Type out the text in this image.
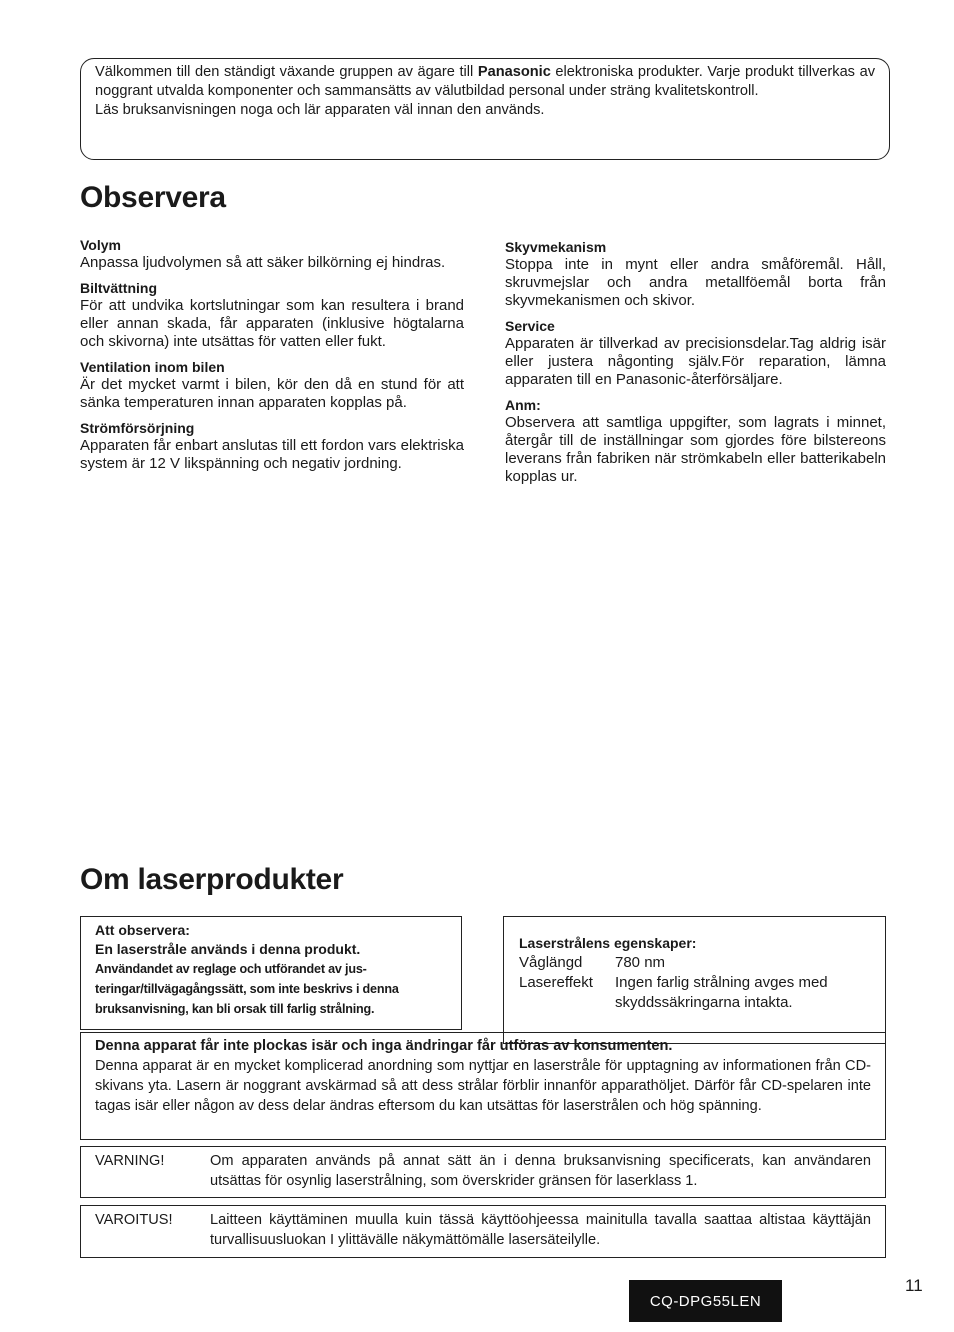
Välkommen till den ständigt växande gruppen av ägare till Panasonic elektroniska produkter. Varje produkt tillverkas av noggrant utvalda komponenter och sammansätts av välutbildad personal under sträng kvalitetskontroll.

Läs bruksanvisningen noga och lär apparaten väl innan den används.

Observera
Volym

Anpassa ljudvolymen så att säker bilkörning ej hindras.

Biltvättning

För att undvika kortslutningar som kan resultera i brand eller annan skada, får apparaten (inklusive högtalarna och skivorna) inte utsättas för vatten eller fukt.

Ventilation inom bilen

Är det mycket varmt i bilen, kör den då en stund för att sänka temperaturen innan apparaten kopplas på.

Strömförsörjning

Apparaten får enbart anslutas till ett fordon vars elektriska system är 12 V likspänning och negativ jordning.

Skyvmekanism

Stoppa inte in mynt eller andra småföremål. Håll, skruvmejslar och andra metallföemål borta från skyvmekanismen och skivor.

Service

Apparaten är tillverkad av precisionsdelar.Tag aldrig isär eller justera någonting själv.För reparation, lämna apparaten till en Panasonic-återförsäljare.

Anm:

Observera att samtliga uppgifter, som lagrats i minnet, återgår till de inställningar som gjordes före bilstereons leverans från fabriken när strömkabeln eller batterikabeln kopplas ur.

Om laserprodukter
Att observera:
En laserstråle används i denna produkt.
Användandet av reglage och utförandet av jus-
teringar/tillvägagångssätt, som inte beskrivs i denna
bruksanvisning, kan bli orsak till farlig strålning.
Laserstrålens egenskaper:
Våglängd	780 nm
Lasereffekt	Ingen farlig strålning avges med skyddssäkringarna intakta.
Denna apparat får inte plockas isär och inga ändringar får utföras av konsumenten.

Denna apparat är en mycket komplicerad anordning som nyttjar en laserstråle för upptagning av informationen från CD-skivans yta. Lasern är noggrant avskärmad så att dess strålar förblir innanför apparathöljet. Därför får CD-spelaren inte tagas isär eller någon av dess delar ändras eftersom du kan utsättas för laserstrålen och hög spänning.

VARNING!	Om apparaten används på annat sätt än i denna bruksanvisning specificerats, kan användaren utsättas för osynlig laserstrålning, som överskrider gränsen för laserklass 1.
VAROITUS!	Laitteen käyttäminen muulla kuin tässä käyttöohjeessa mainitulla tavalla saattaa altistaa käyttäjän turvallisuusluokan I ylittävälle näkymättömälle lasersäteilylle.
CQ-DPG55LEN
11
